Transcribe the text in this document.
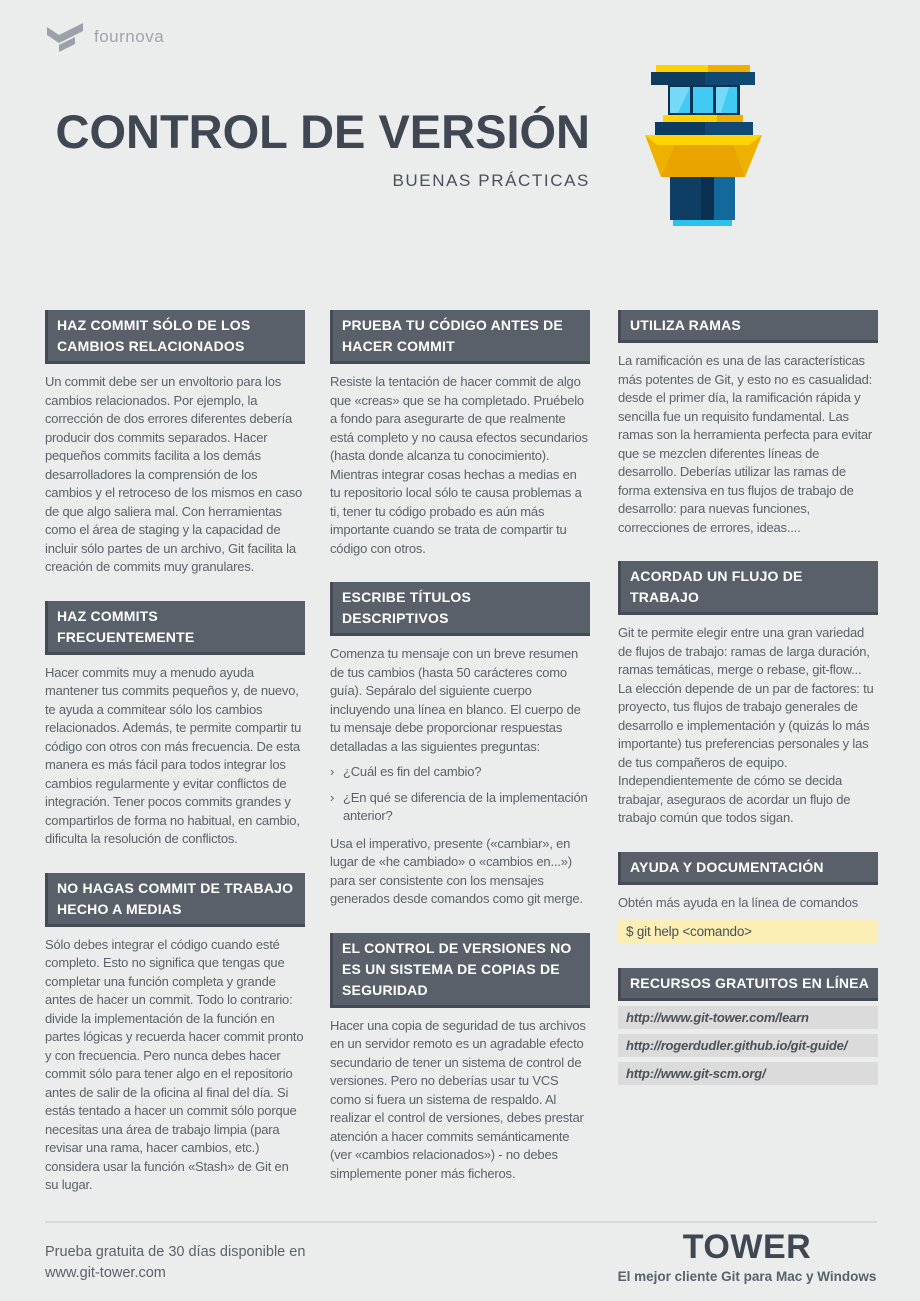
fournova
CONTROL DE VERSIÓN
BUENAS PRÁCTICAS
HAZ COMMIT SÓLO DE LOS CAMBIOS RELACIONADOS

Un commit debe ser un envoltorio para los cambios relacionados. Por ejemplo, la corrección de dos errores diferentes debería producir dos commits separados. Hacer pequeños commits facilita a los demás desarrolladores la comprensión de los cambios y el retroceso de los mismos en caso de que algo saliera mal. Con herramientas como el área de staging y la capacidad de incluir sólo partes de un archivo, Git facilita la creación de commits muy granulares.

HAZ COMMITS FRECUENTEMENTE

Hacer commits muy a menudo ayuda mantener tus commits pequeños y, de nuevo, te ayuda a commitear sólo los cambios relacionados. Además, te permite compartir tu código con otros con más frecuencia. De esta manera es más fácil para todos integrar los cambios regularmente y evitar conflictos de integración. Tener pocos commits grandes y compartirlos de forma no habitual, en cambio, dificulta la resolución de conflictos.

NO HAGAS COMMIT DE TRABAJO HECHO A MEDIAS

Sólo debes integrar el código cuando esté completo. Esto no significa que tengas que completar una función completa y grande antes de hacer un commit. Todo lo contrario: divide la implementación de la función en partes lógicas y recuerda hacer commit pronto y con frecuencia. Pero nunca debes hacer commit sólo para tener algo en el repositorio antes de salir de la oficina al final del día. Si estás tentado a hacer un commit sólo porque necesitas una área de trabajo limpia (para revisar una rama, hacer cambios, etc.) considera usar la función «Stash» de Git en su lugar.

PRUEBA TU CÓDIGO ANTES DE HACER COMMIT

Resiste la tentación de hacer commit de algo que «creas» que se ha completado. Pruébelo a fondo para asegurarte de que realmente está completo y no causa efectos secundarios (hasta donde alcanza tu conocimiento). Mientras integrar cosas hechas a medias en tu repositorio local sólo te causa problemas a ti, tener tu código probado es aún más importante cuando se trata de compartir tu código con otros.

ESCRIBE TÍTULOS DESCRIPTIVOS

Comenza tu mensaje con un breve resumen de tus cambios (hasta 50 carácteres como guía). Sepáralo del siguiente cuerpo incluyendo una línea en blanco. El cuerpo de tu mensaje debe proporcionar respuestas detalladas a las siguientes preguntas:

› ¿Cuál es fin del cambio?
› ¿En qué se diferencia de la implementación anterior?

Usa el imperativo, presente («cambiar», en lugar de «he cambiado» o «cambios en...») para ser consistente con los mensajes generados desde comandos como git merge.

EL CONTROL DE VERSIONES NO ES UN SISTEMA DE COPIAS DE SEGURIDAD

Hacer una copia de seguridad de tus archivos en un servidor remoto es un agradable efecto secundario de tener un sistema de control de versiones. Pero no deberías usar tu VCS como si fuera un sistema de respaldo. Al realizar el control de versiones, debes prestar atención a hacer commits semánticamente (ver «cambios relacionados») - no debes simplemente poner más ficheros.

UTILIZA RAMAS

La ramificación es una de las características más potentes de Git, y esto no es casualidad: desde el primer día, la ramificación rápida y sencilla fue un requisito fundamental. Las ramas son la herramienta perfecta para evitar que se mezclen diferentes líneas de desarrollo. Deberías utilizar las ramas de forma extensiva en tus flujos de trabajo de desarrollo: para nuevas funciones, correcciones de errores, ideas....

ACORDAD UN FLUJO DE TRABAJO

Git te permite elegir entre una gran variedad de flujos de trabajo: ramas de larga duración, ramas temáticas, merge o rebase, git-flow... La elección depende de un par de factores: tu proyecto, tus flujos de trabajo generales de desarrollo e implementación y (quizás lo más importante) tus preferencias personales y las de tus compañeros de equipo. Independientemente de cómo se decida trabajar, aseguraos de acordar un flujo de trabajo común que todos sigan.

AYUDA Y DOCUMENTACIÓN

Obtén más ayuda en la línea de comandos

$ git help <comando>
RECURSOS GRATUITOS EN LÍNEA
http://www.git-tower.com/learn
http://rogerdudler.github.io/git-guide/
http://www.git-scm.org/
Prueba gratuita de 30 días disponible en
www.git-tower.com
TOWER
El mejor cliente Git para Mac y Windows
